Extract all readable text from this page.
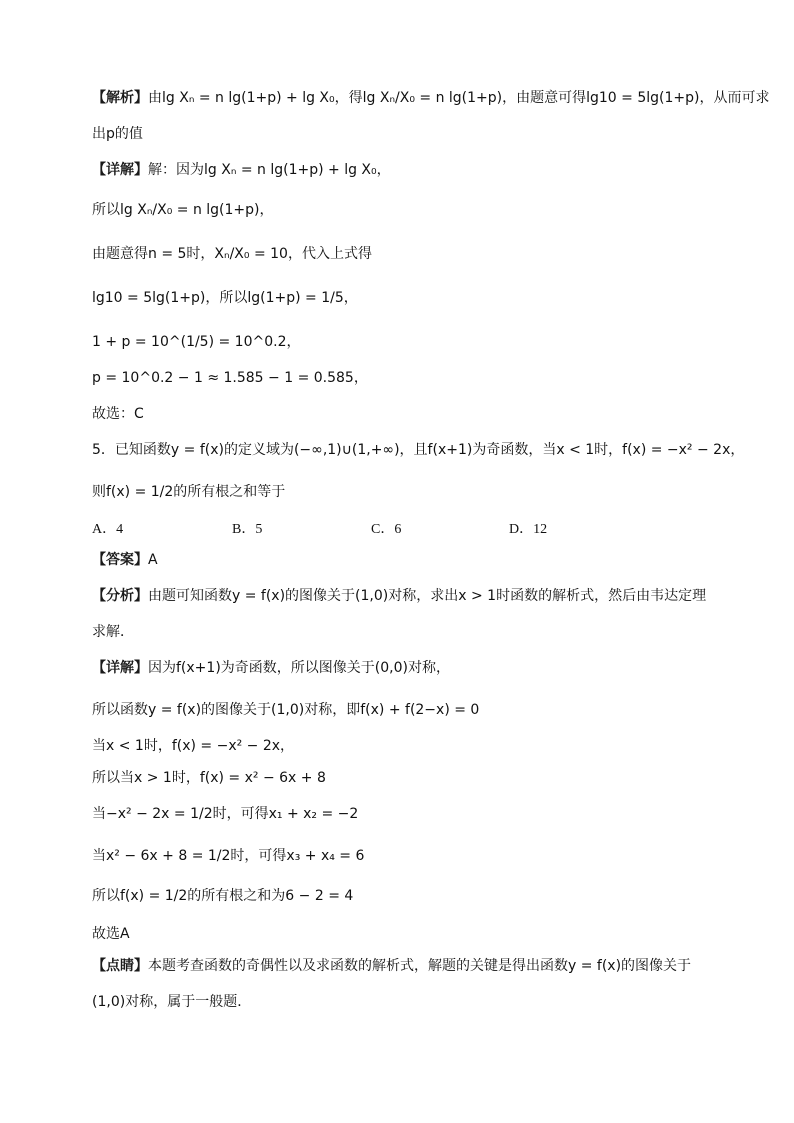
【解析】由lg Xₙ = n lg(1+p) + lg X₀，得lg Xₙ/X₀ = n lg(1+p)，由题意可得lg10 = 5lg(1+p)，从而可求
出p的值
【详解】解：因为lg Xₙ = n lg(1+p) + lg X₀，
所以lg Xₙ/X₀ = n lg(1+p)，
由题意得n = 5时，Xₙ/X₀ = 10，代入上式得
lg10 = 5lg(1+p)，所以lg(1+p) = 1/5，
1 + p = 10^(1/5) = 10^0.2，
p = 10^0.2 − 1 ≈ 1.585 − 1 = 0.585，
故选：C
5．已知函数y = f(x)的定义域为(−∞,1)∪(1,+∞)，且f(x+1)为奇函数，当x < 1时，f(x) = −x² − 2x，
则f(x) = 1/2的所有根之和等于
A．4	B．5	C．6	D．12
【答案】A
【分析】由题可知函数y = f(x)的图像关于(1,0)对称，求出x > 1时函数的解析式，然后由韦达定理
求解．
【详解】因为f(x+1)为奇函数，所以图像关于(0,0)对称，
所以函数y = f(x)的图像关于(1,0)对称，即f(x) + f(2−x) = 0
当x < 1时，f(x) = −x² − 2x，
所以当x > 1时，f(x) = x² − 6x + 8
当−x² − 2x = 1/2时，可得x₁ + x₂ = −2
当x² − 6x + 8 = 1/2时，可得x₃ + x₄ = 6
所以f(x) = 1/2的所有根之和为6 − 2 = 4
故选A
【点睛】本题考查函数的奇偶性以及求函数的解析式，解题的关键是得出函数y = f(x)的图像关于
(1,0)对称，属于一般题．
